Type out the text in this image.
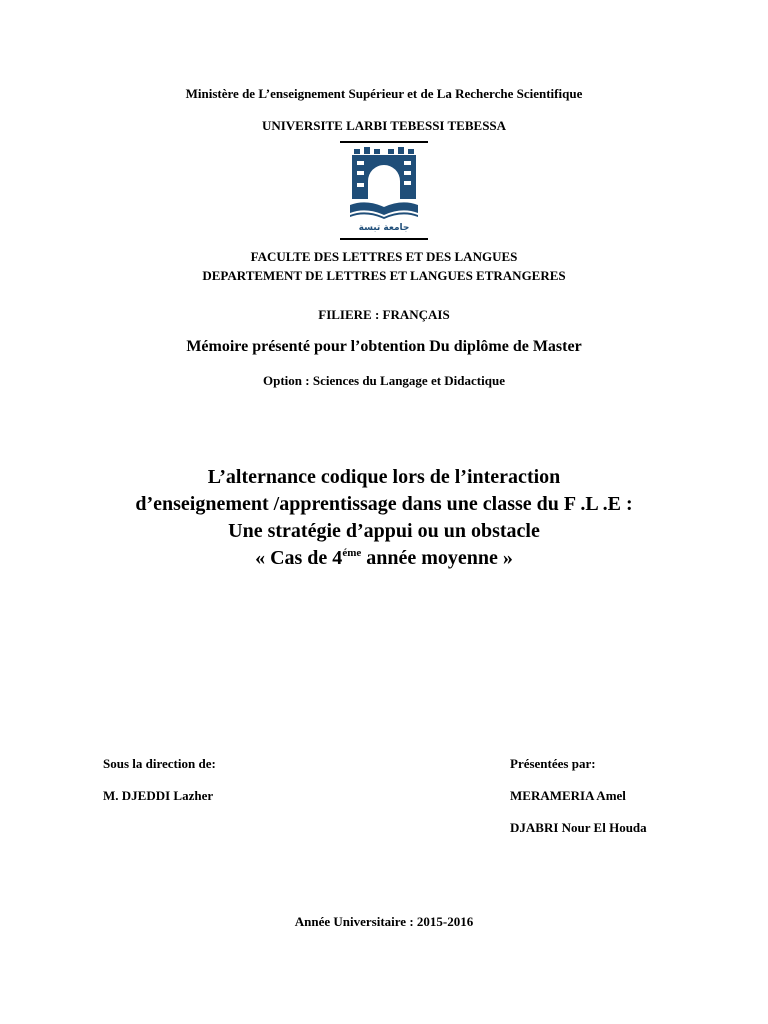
Ministère de L’enseignement Supérieur et de La Recherche Scientifique
UNIVERSITE LARBI TEBESSI TEBESSA
جامعة تبسة
FACULTE DES LETTRES ET DES LANGUES
DEPARTEMENT DE LETTRES ET LANGUES ETRANGERES
FILIERE : FRANÇAIS
Mémoire présenté pour l’obtention Du diplôme de Master
Option : Sciences du Langage et Didactique
L’alternance codique lors de l’interaction
d’enseignement /apprentissage dans une classe du F .L .E :
Une stratégie d’appui ou un obstacle
« Cas de $4^{éme}$ année moyenne »
Sous la direction de:
M. DJEDDI Lazher
Présentées par:
MERAMERIA Amel
DJABRI Nour El Houda
Année Universitaire : 2015-2016
